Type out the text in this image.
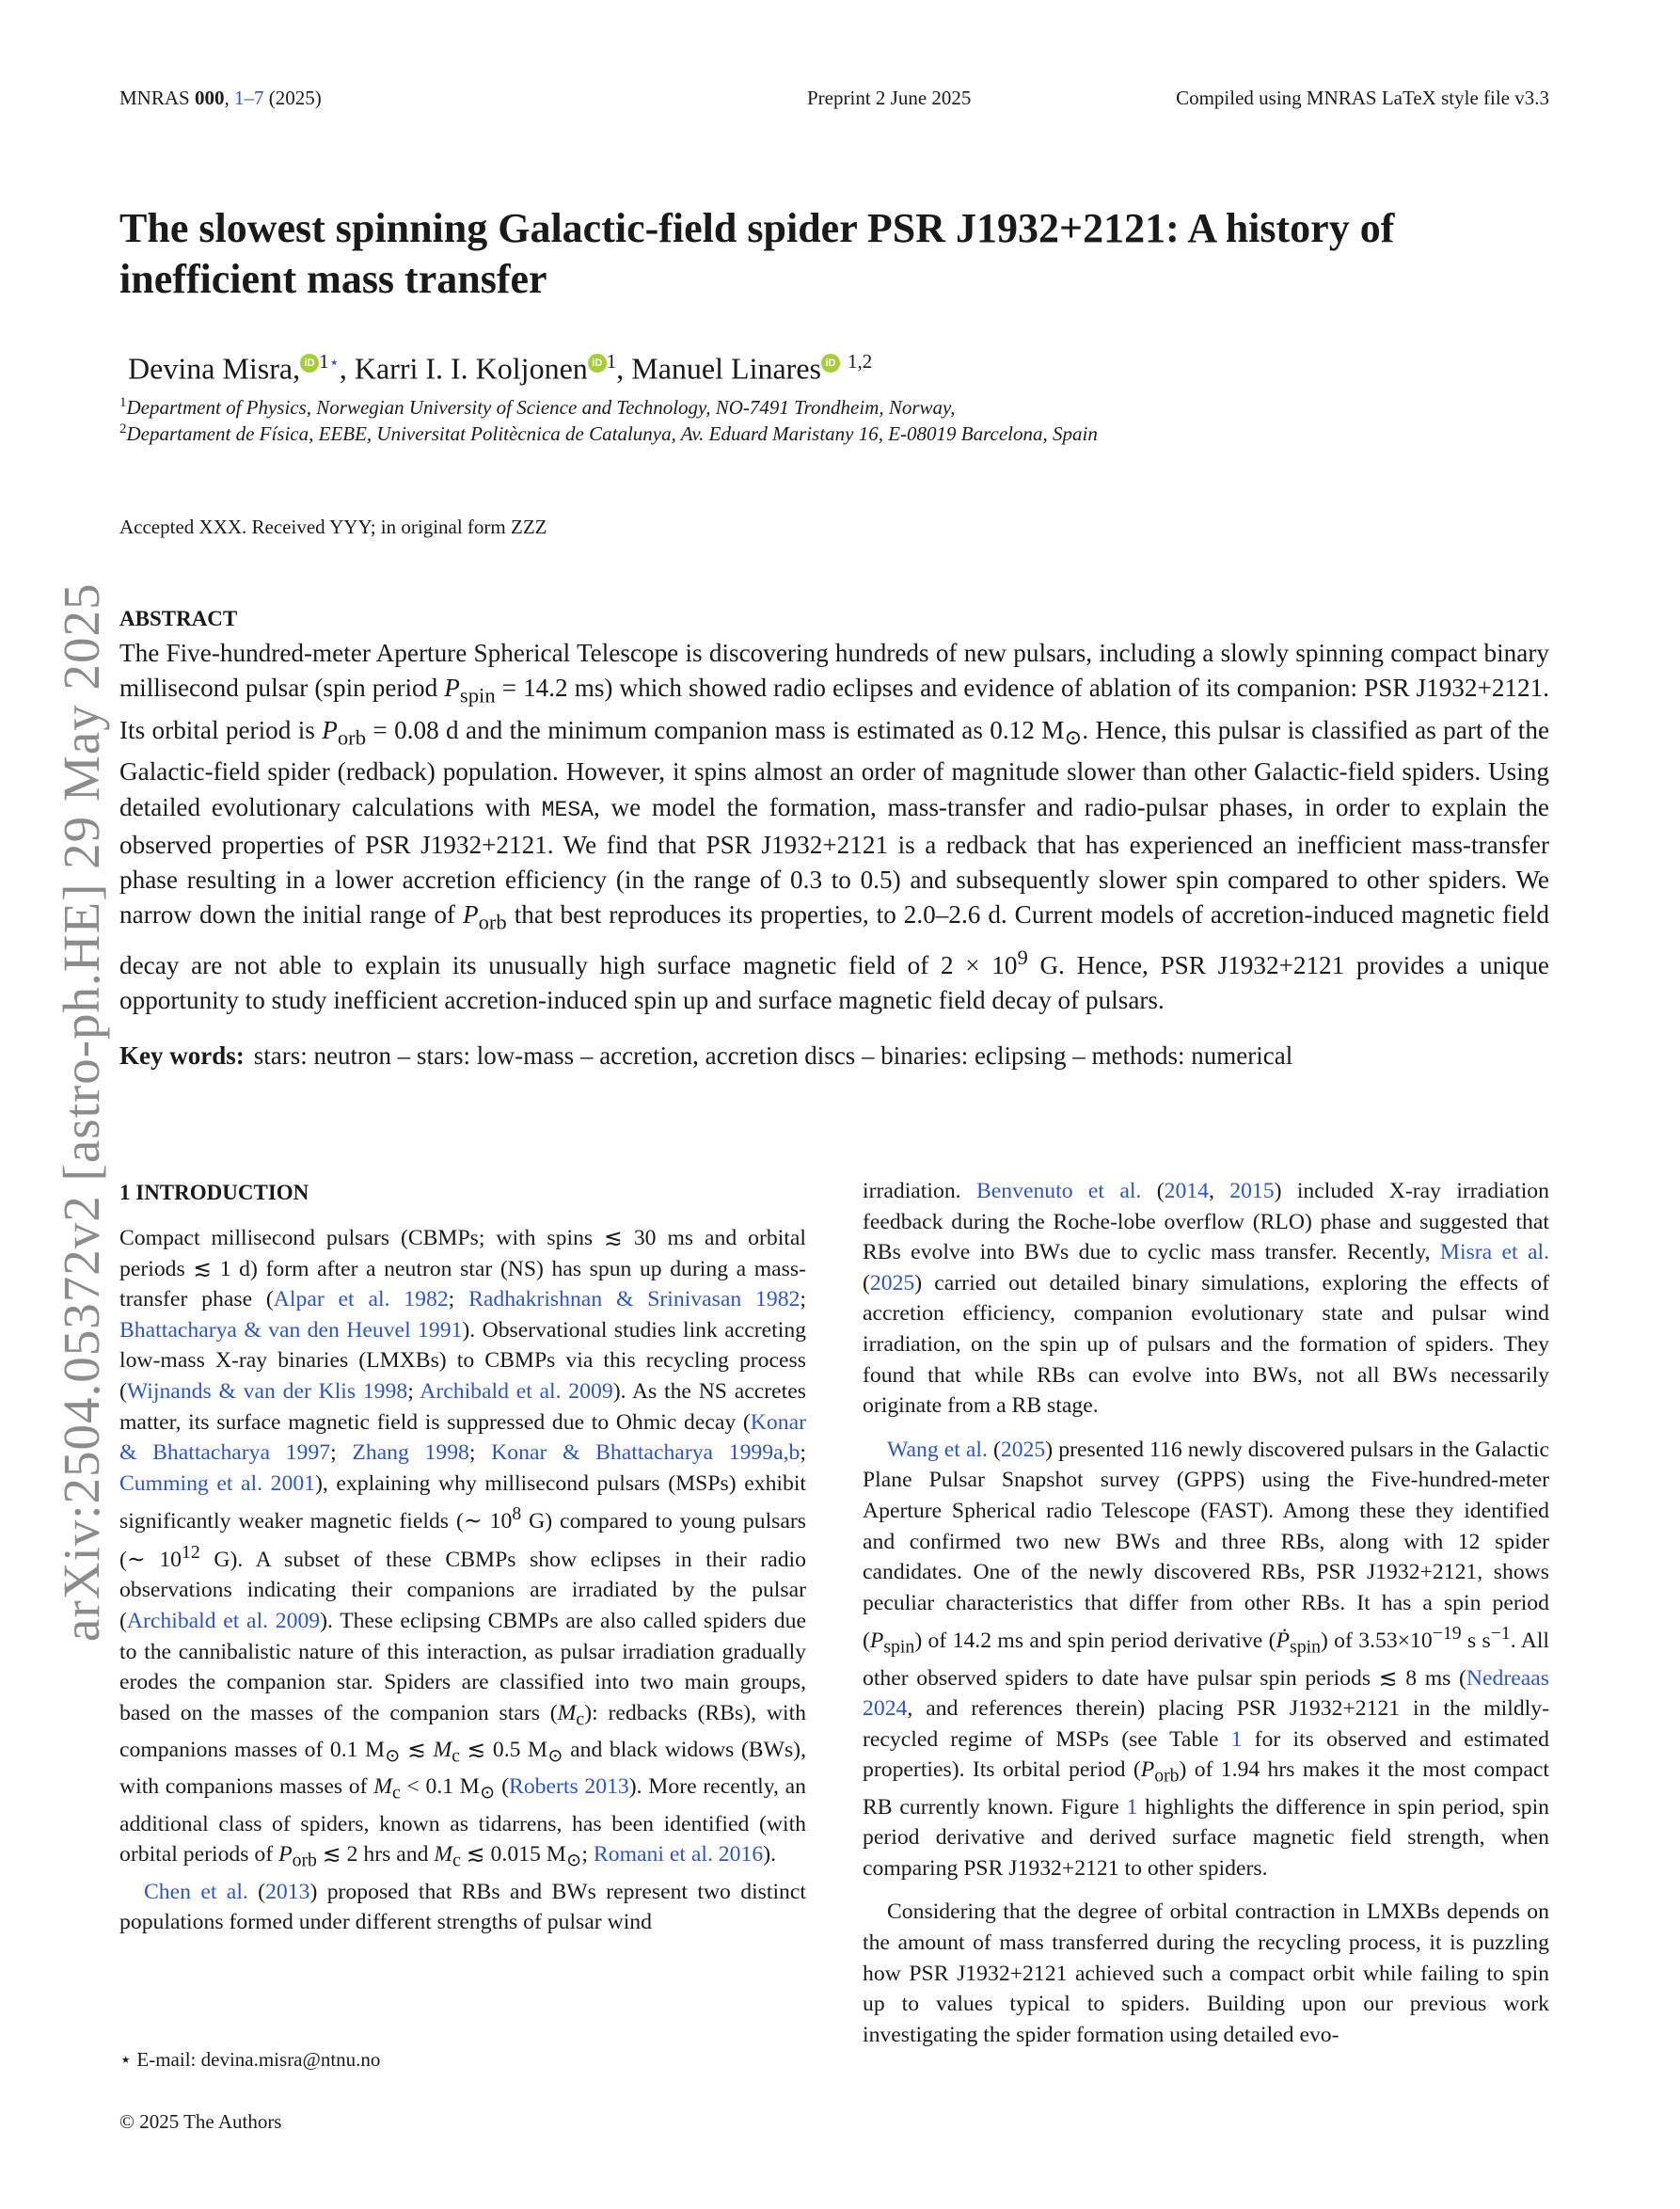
MNRAS 000, 1–7 (2025)	Preprint 2 June 2025	Compiled using MNRAS LaTeX style file v3.3
arXiv:2504.05372v2 [astro-ph.HE] 29 May 2025
The slowest spinning Galactic-field spider PSR J1932+2121: A history of inefficient mass transfer
Devina Misra, iD $^{1⋆}$, Karri I. I. Koljonen iD $^1$, Manuel Linares iD $^{1,2}$
$^1$Department of Physics, Norwegian University of Science and Technology, NO-7491 Trondheim, Norway,
$^2$Departament de Física, EEBE, Universitat Politècnica de Catalunya, Av. Eduard Maristany 16, E-08019 Barcelona, Spain
Accepted XXX. Received YYY; in original form ZZZ
ABSTRACT
The Five-hundred-meter Aperture Spherical Telescope is discovering hundreds of new pulsars, including a slowly spinning compact binary millisecond pulsar (spin period $P_{spin} = 14.2$ ms) which showed radio eclipses and evidence of ablation of its companion: PSR J1932+2121. Its orbital period is $P_{orb} = 0.08$ d and the minimum companion mass is estimated as 0.12 $M_⊙$. Hence, this pulsar is classified as part of the Galactic-field spider (redback) population. However, it spins almost an order of magnitude slower than other Galactic-field spiders. Using detailed evolutionary calculations with MESA, we model the formation, mass-transfer and radio-pulsar phases, in order to explain the observed properties of PSR J1932+2121. We find that PSR J1932+2121 is a redback that has experienced an inefficient mass-transfer phase resulting in a lower accretion efficiency (in the range of 0.3 to 0.5) and subsequently slower spin compared to other spiders. We narrow down the initial range of $P_{orb}$ that best reproduces its properties, to 2.0–2.6 d. Current models of accretion-induced magnetic field decay are not able to explain its unusually high surface magnetic field of $2 \times 10^9$ G. Hence, PSR J1932+2121 provides a unique opportunity to study inefficient accretion-induced spin up and surface magnetic field decay of pulsars.
Key words: stars: neutron – stars: low-mass – accretion, accretion discs – binaries: eclipsing – methods: numerical
1 INTRODUCTION

Compact millisecond pulsars (CBMPs; with spins ≲ 30 ms and orbital periods ≲ 1 d) form after a neutron star (NS) has spun up during a mass-transfer phase (Alpar et al. 1982; Radhakrishnan & Srinivasan 1982; Bhattacharya & van den Heuvel 1991). Observational studies link accreting low-mass X-ray binaries (LMXBs) to CBMPs via this recycling process (Wijnands & van der Klis 1998; Archibald et al. 2009). As the NS accretes matter, its surface magnetic field is suppressed due to Ohmic decay (Konar & Bhattacharya 1997; Zhang 1998; Konar & Bhattacharya 1999a,b; Cumming et al. 2001), explaining why millisecond pulsars (MSPs) exhibit significantly weaker magnetic fields (∼ $10^8$ G) compared to young pulsars (∼ $10^{12}$ G). A subset of these CBMPs show eclipses in their radio observations indicating their companions are irradiated by the pulsar (Archibald et al. 2009). These eclipsing CBMPs are also called spiders due to the cannibalistic nature of this interaction, as pulsar irradiation gradually erodes the companion star. Spiders are classified into two main groups, based on the masses of the companion stars $(M_c)$: redbacks (RBs), with companions masses of 0.1 $M_⊙$ ≲ $M_c$ ≲ 0.5 $M_⊙$ and black widows (BWs), with companions masses of $M_c < 0.1$ $M_⊙$ (Roberts 2013). More recently, an additional class of spiders, known as tidarrens, has been identified (with orbital periods of $P_{orb}$ ≲ 2 hrs and $M_c$ ≲ 0.015 $M_⊙$; Romani et al. 2016).

Chen et al. (2013) proposed that RBs and BWs represent two distinct populations formed under different strengths of pulsar wind

irradiation. Benvenuto et al. (2014, 2015) included X-ray irradiation feedback during the Roche-lobe overflow (RLO) phase and suggested that RBs evolve into BWs due to cyclic mass transfer. Recently, Misra et al. (2025) carried out detailed binary simulations, exploring the effects of accretion efficiency, companion evolutionary state and pulsar wind irradiation, on the spin up of pulsars and the formation of spiders. They found that while RBs can evolve into BWs, not all BWs necessarily originate from a RB stage.

Wang et al. (2025) presented 116 newly discovered pulsars in the Galactic Plane Pulsar Snapshot survey (GPPS) using the Five-hundred-meter Aperture Spherical radio Telescope (FAST). Among these they identified and confirmed two new BWs and three RBs, along with 12 spider candidates. One of the newly discovered RBs, PSR J1932+2121, shows peculiar characteristics that differ from other RBs. It has a spin period $(P_{spin})$ of 14.2 ms and spin period derivative (Ṗ$_{spin}$) of $3.53\times 10^{-19}$ s $s^{-1}$. All other observed spiders to date have pulsar spin periods ≲ 8 ms (Nedreaas 2024, and references therein) placing PSR J1932+2121 in the mildly-recycled regime of MSPs (see Table 1 for its observed and estimated properties). Its orbital period $(P_{orb})$ of 1.94 hrs makes it the most compact RB currently known. Figure 1 highlights the difference in spin period, spin period derivative and derived surface magnetic field strength, when comparing PSR J1932+2121 to other spiders.

Considering that the degree of orbital contraction in LMXBs depends on the amount of mass transferred during the recycling process, it is puzzling how PSR J1932+2121 achieved such a compact orbit while failing to spin up to values typical to spiders. Building upon our previous work investigating the spider formation using detailed evo-

⋆ E-mail: devina.misra@ntnu.no
© 2025 The Authors
